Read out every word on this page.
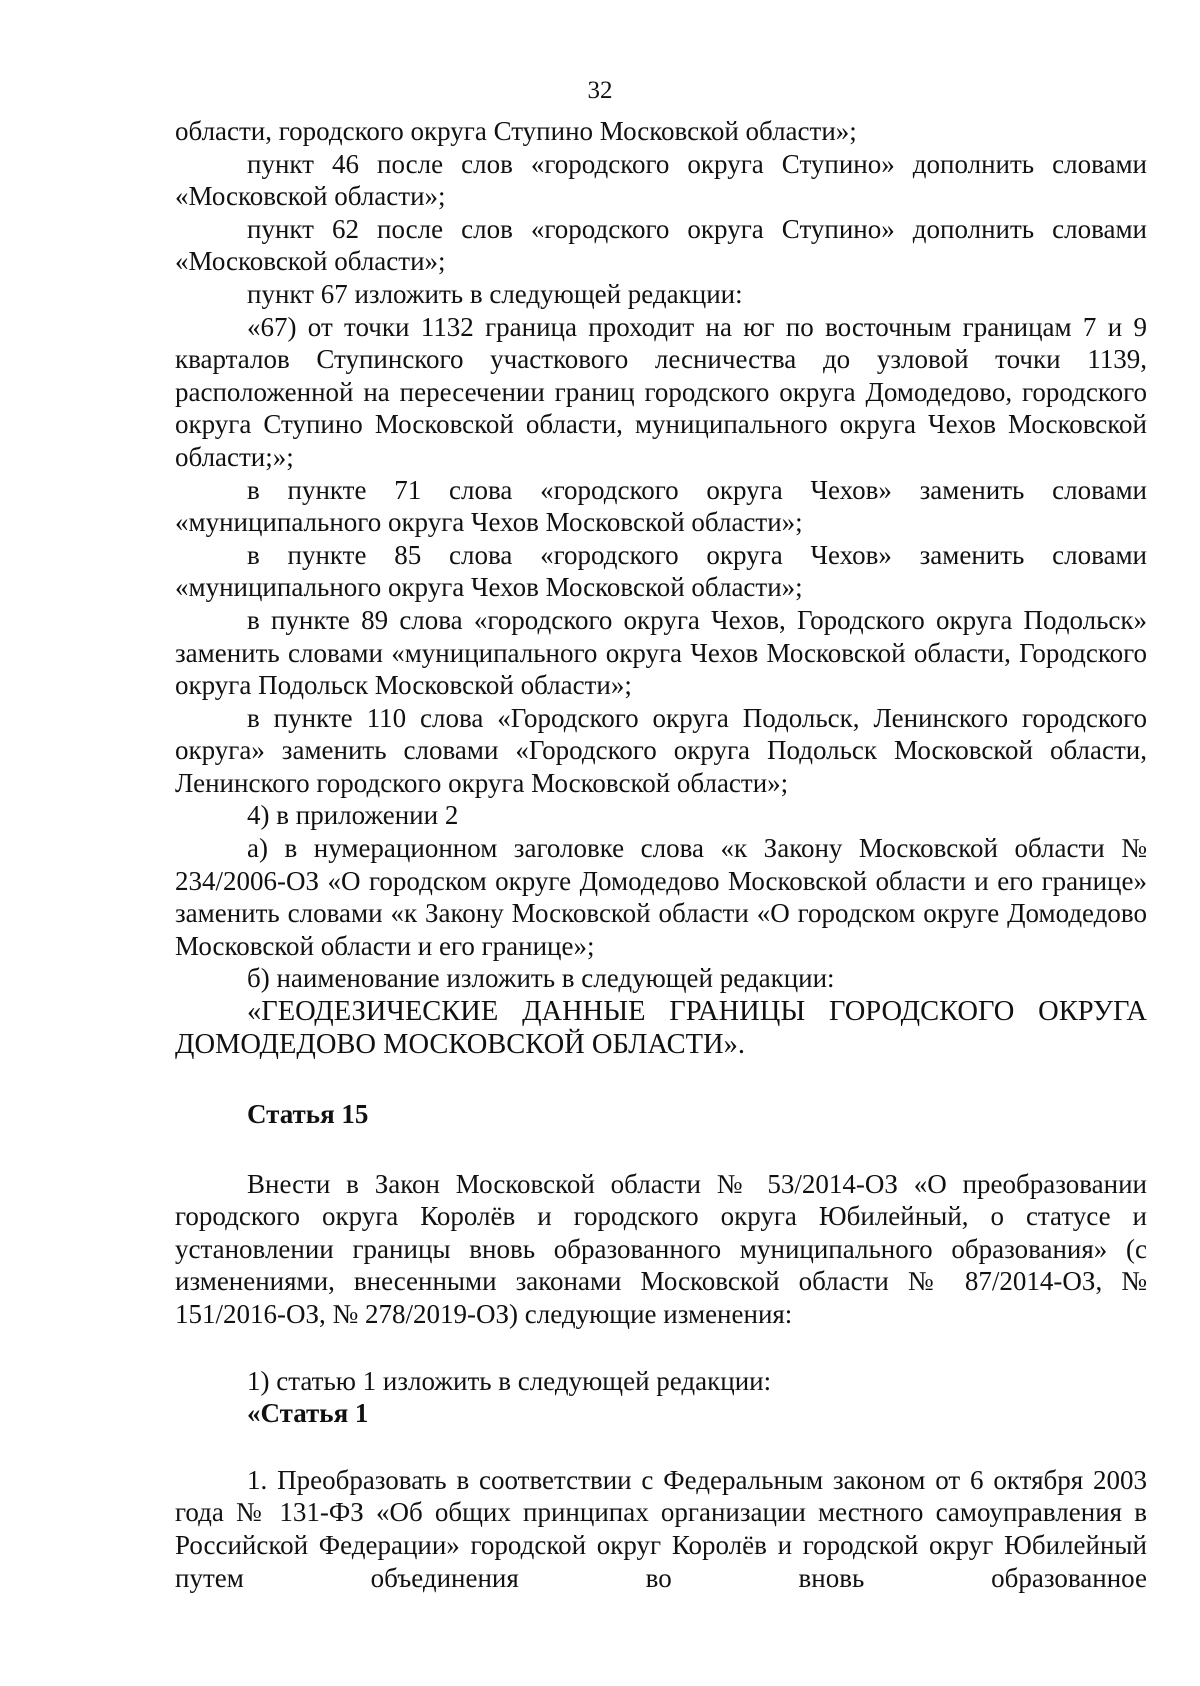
32

области, городского округа Ступино Московской области»;

пункт 46 после слов «городского округа Ступино» дополнить словами «Московской области»;

пункт 62 после слов «городского округа Ступино» дополнить словами «Московской области»;

пункт 67 изложить в следующей редакции:

«67) от точки 1132 граница проходит на юг по восточным границам 7 и 9 кварталов Ступинского участкового лесничества до узловой точки 1139, расположенной на пересечении границ городского округа Домодедово, городского округа Ступино Московской области, муниципального округа Чехов Московской области;»;

в пункте 71 слова «городского округа Чехов» заменить словами «муниципального округа Чехов Московской области»;

в пункте 85 слова «городского округа Чехов» заменить словами «муниципального округа Чехов Московской области»;

в пункте 89 слова «городского округа Чехов, Городского округа Подольск» заменить словами «муниципального округа Чехов Московской области, Городского округа Подольск Московской области»;

в пункте 110 слова «Городского округа Подольск, Ленинского городского округа» заменить словами «Городского округа Подольск Московской области, Ленинского городского округа Московской области»;

4) в приложении 2

а) в нумерационном заголовке слова «к Закону Московской области № 234/2006-ОЗ «О городском округе Домодедово Московской области и его границе» заменить словами «к Закону Московской области «О городском округе Домодедово Московской области и его границе»;

б) наименование изложить в следующей редакции:

«ГЕОДЕЗИЧЕСКИЕ ДАННЫЕ ГРАНИЦЫ ГОРОДСКОГО ОКРУГА ДОМОДЕДОВО МОСКОВСКОЙ ОБЛАСТИ».

Статья 15

Внести в Закон Московской области № 53/2014-ОЗ «О преобразовании городского округа Королёв и городского округа Юбилейный, о статусе и установлении границы вновь образованного муниципального образования» (с изменениями, внесенными законами Московской области № 87/2014-ОЗ, № 151/2016-ОЗ, № 278/2019-ОЗ) следующие изменения:

1) статью 1 изложить в следующей редакции:

«Статья 1

1. Преобразовать в соответствии с Федеральным законом от 6 октября 2003 года № 131-ФЗ «Об общих принципах организации местного самоуправления в Российской Федерации» городской округ Королёв и городской округ Юбилейный путем объединения во вновь образованное
